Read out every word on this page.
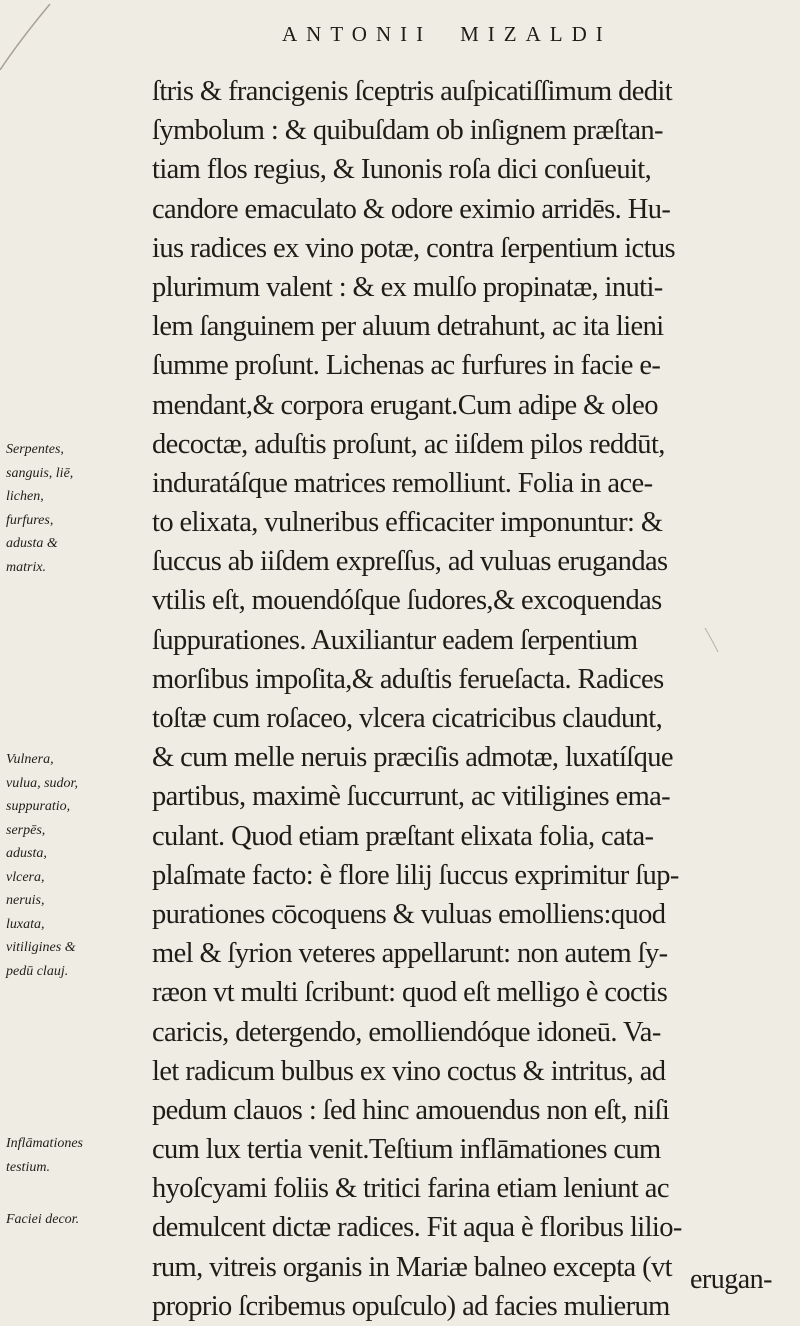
ANTONII MIZALDI

Serpentes, sanguis, liē, lichen, furfures, adusta & matrix.

Vulnera, vulua, sudor, suppuratio, serpēs, adusta, vlcera, neruis, luxata, vitiligines & pedū clauj.

Inflāmationes testium.

Faciei decor.

ſtris & francigenis ſceptris auſpicatiſſimum dedit
ſymbolum : & quibuſdam ob inſignem præſtan-
tiam flos regius, & Iunonis roſa dici conſueuit,
candore emaculato & odore eximio arridēs. Hu-
ius radices ex vino potæ, contra ſerpentium ictus
plurimum valent : & ex mulſo propinatæ, inuti-
lem ſanguinem per aluum detrahunt, ac ita lieni
ſumme proſunt. Lichenas ac furfures in facie e-
mendant,& corpora erugant.Cum adipe & oleo
decoctæ, aduſtis proſunt, ac iiſdem pilos reddūt,
induratáſque matrices remolliunt. Folia in ace-
to elixata, vulneribus efficaciter imponuntur: &
ſuccus ab iiſdem expreſſus, ad vuluas erugandas
vtilis eſt, mouendóſque ſudores,& excoquendas
ſuppurationes. Auxiliantur eadem ſerpentium
morſibus impoſita,& aduſtis ferueſacta. Radices
toſtæ cum roſaceo, vlcera cicatricibus claudunt,
& cum melle neruis præciſis admotæ, luxatíſque
partibus, maximè ſuccurrunt, ac vitiligines ema-
culant. Quod etiam præſtant elixata folia, cata-
plaſmate facto: è flore lilij ſuccus exprimitur ſup-
purationes cōcoquens & vuluas emolliens:quod
mel & ſyrion veteres appellarunt: non autem ſy-
ræon vt multi ſcribunt: quod eſt melligo è coctis
caricis, detergendo, emolliendóque idoneū. Va-
let radicum bulbus ex vino coctus & intritus, ad
pedum clauos : ſed hinc amouendus non eſt, niſi
cum lux tertia venit.Teſtium inflāmationes cum
hyoſcyami foliis & tritici farina etiam leniunt ac
demulcent dictæ radices. Fit aqua è floribus lilio-
rum, vitreis organis in Mariæ balneo excepta (vt
proprio ſcribemus opuſculo) ad facies mulierum
erugan-
